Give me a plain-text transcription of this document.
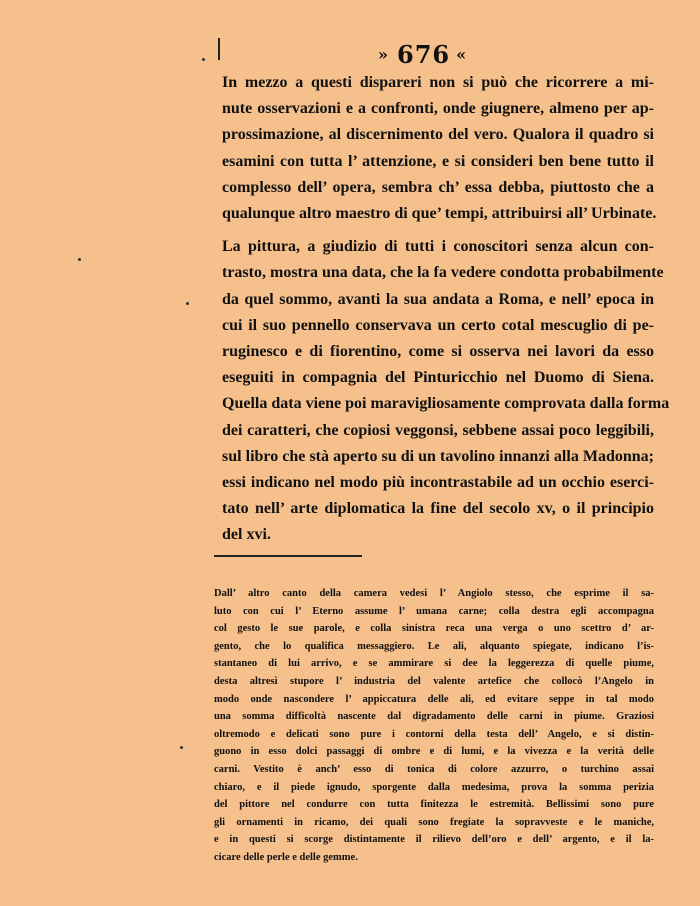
» 676 «

In mezzo a questi dispareri non si può che ricorrere a mi-
nute osservazioni e a confronti, onde giugnere, almeno per ap-
prossimazione, al discernimento del vero. Qualora il quadro si
esamini con tutta l’ attenzione, e si consideri ben bene tutto il
complesso dell’ opera, sembra ch’ essa debba, piuttosto che a
qualunque altro maestro di que’ tempi, attribuirsi all’ Urbinate.

La pittura, a giudizio di tutti i conoscitori senza alcun con-
trasto, mostra una data, che la fa vedere condotta probabilmente
da quel sommo, avanti la sua andata a Roma, e nell’ epoca in
cui il suo pennello conservava un certo cotal mescuglio di pe-
ruginesco e di fiorentino, come si osserva nei lavori da esso
eseguiti in compagnia del Pinturicchio nel Duomo di Siena.
Quella data viene poi maravigliosamente comprovata dalla forma
dei caratteri, che copiosi veggonsi, sebbene assai poco leggibili,
sul libro che stà aperto su di un tavolino innanzi alla Madonna;
essi indicano nel modo più incontrastabile ad un occhio eserci-
tato nell’ arte diplomatica la fine del secolo xv, o il principio
del xvi.

Dall’ altro canto della camera vedesi l’ Angiolo stesso, che esprime il sa-
luto con cui l’ Eterno assume l’ umana carne; colla destra egli accompagna
col gesto le sue parole, e colla sinistra reca una verga o uno scettro d’ ar-
gento, che lo qualifica messaggiero. Le ali, alquanto spiegate, indicano l’is-
stantaneo di lui arrivo, e se ammirare si dee la leggerezza di quelle piume,
desta altresì stupore l’ industria del valente artefice che collocò l’Angelo in
modo onde nascondere l’ appiccatura delle ali, ed evitare seppe in tal modo
una somma difficoltà nascente dal digradamento delle carni in piume. Graziosi
oltremodo e delicati sono pure i contorni della testa dell’ Angelo, e si distin-
guono in esso dolci passaggi di ombre e di lumi, e la vivezza e la verità delle
carni. Vestito è anch’ esso di tonica di colore azzurro, o turchino assai
chiaro, e il piede ignudo, sporgente dalla medesima, prova la somma perizia
del pittore nel condurre con tutta finitezza le estremità. Bellissimi sono pure
gli ornamenti in ricamo, dei quali sono fregiate la sopravveste e le maniche,
e in questi si scorge distintamente il rilievo dell’oro e dell’ argento, e il la-
cicare delle perle e delle gemme.
